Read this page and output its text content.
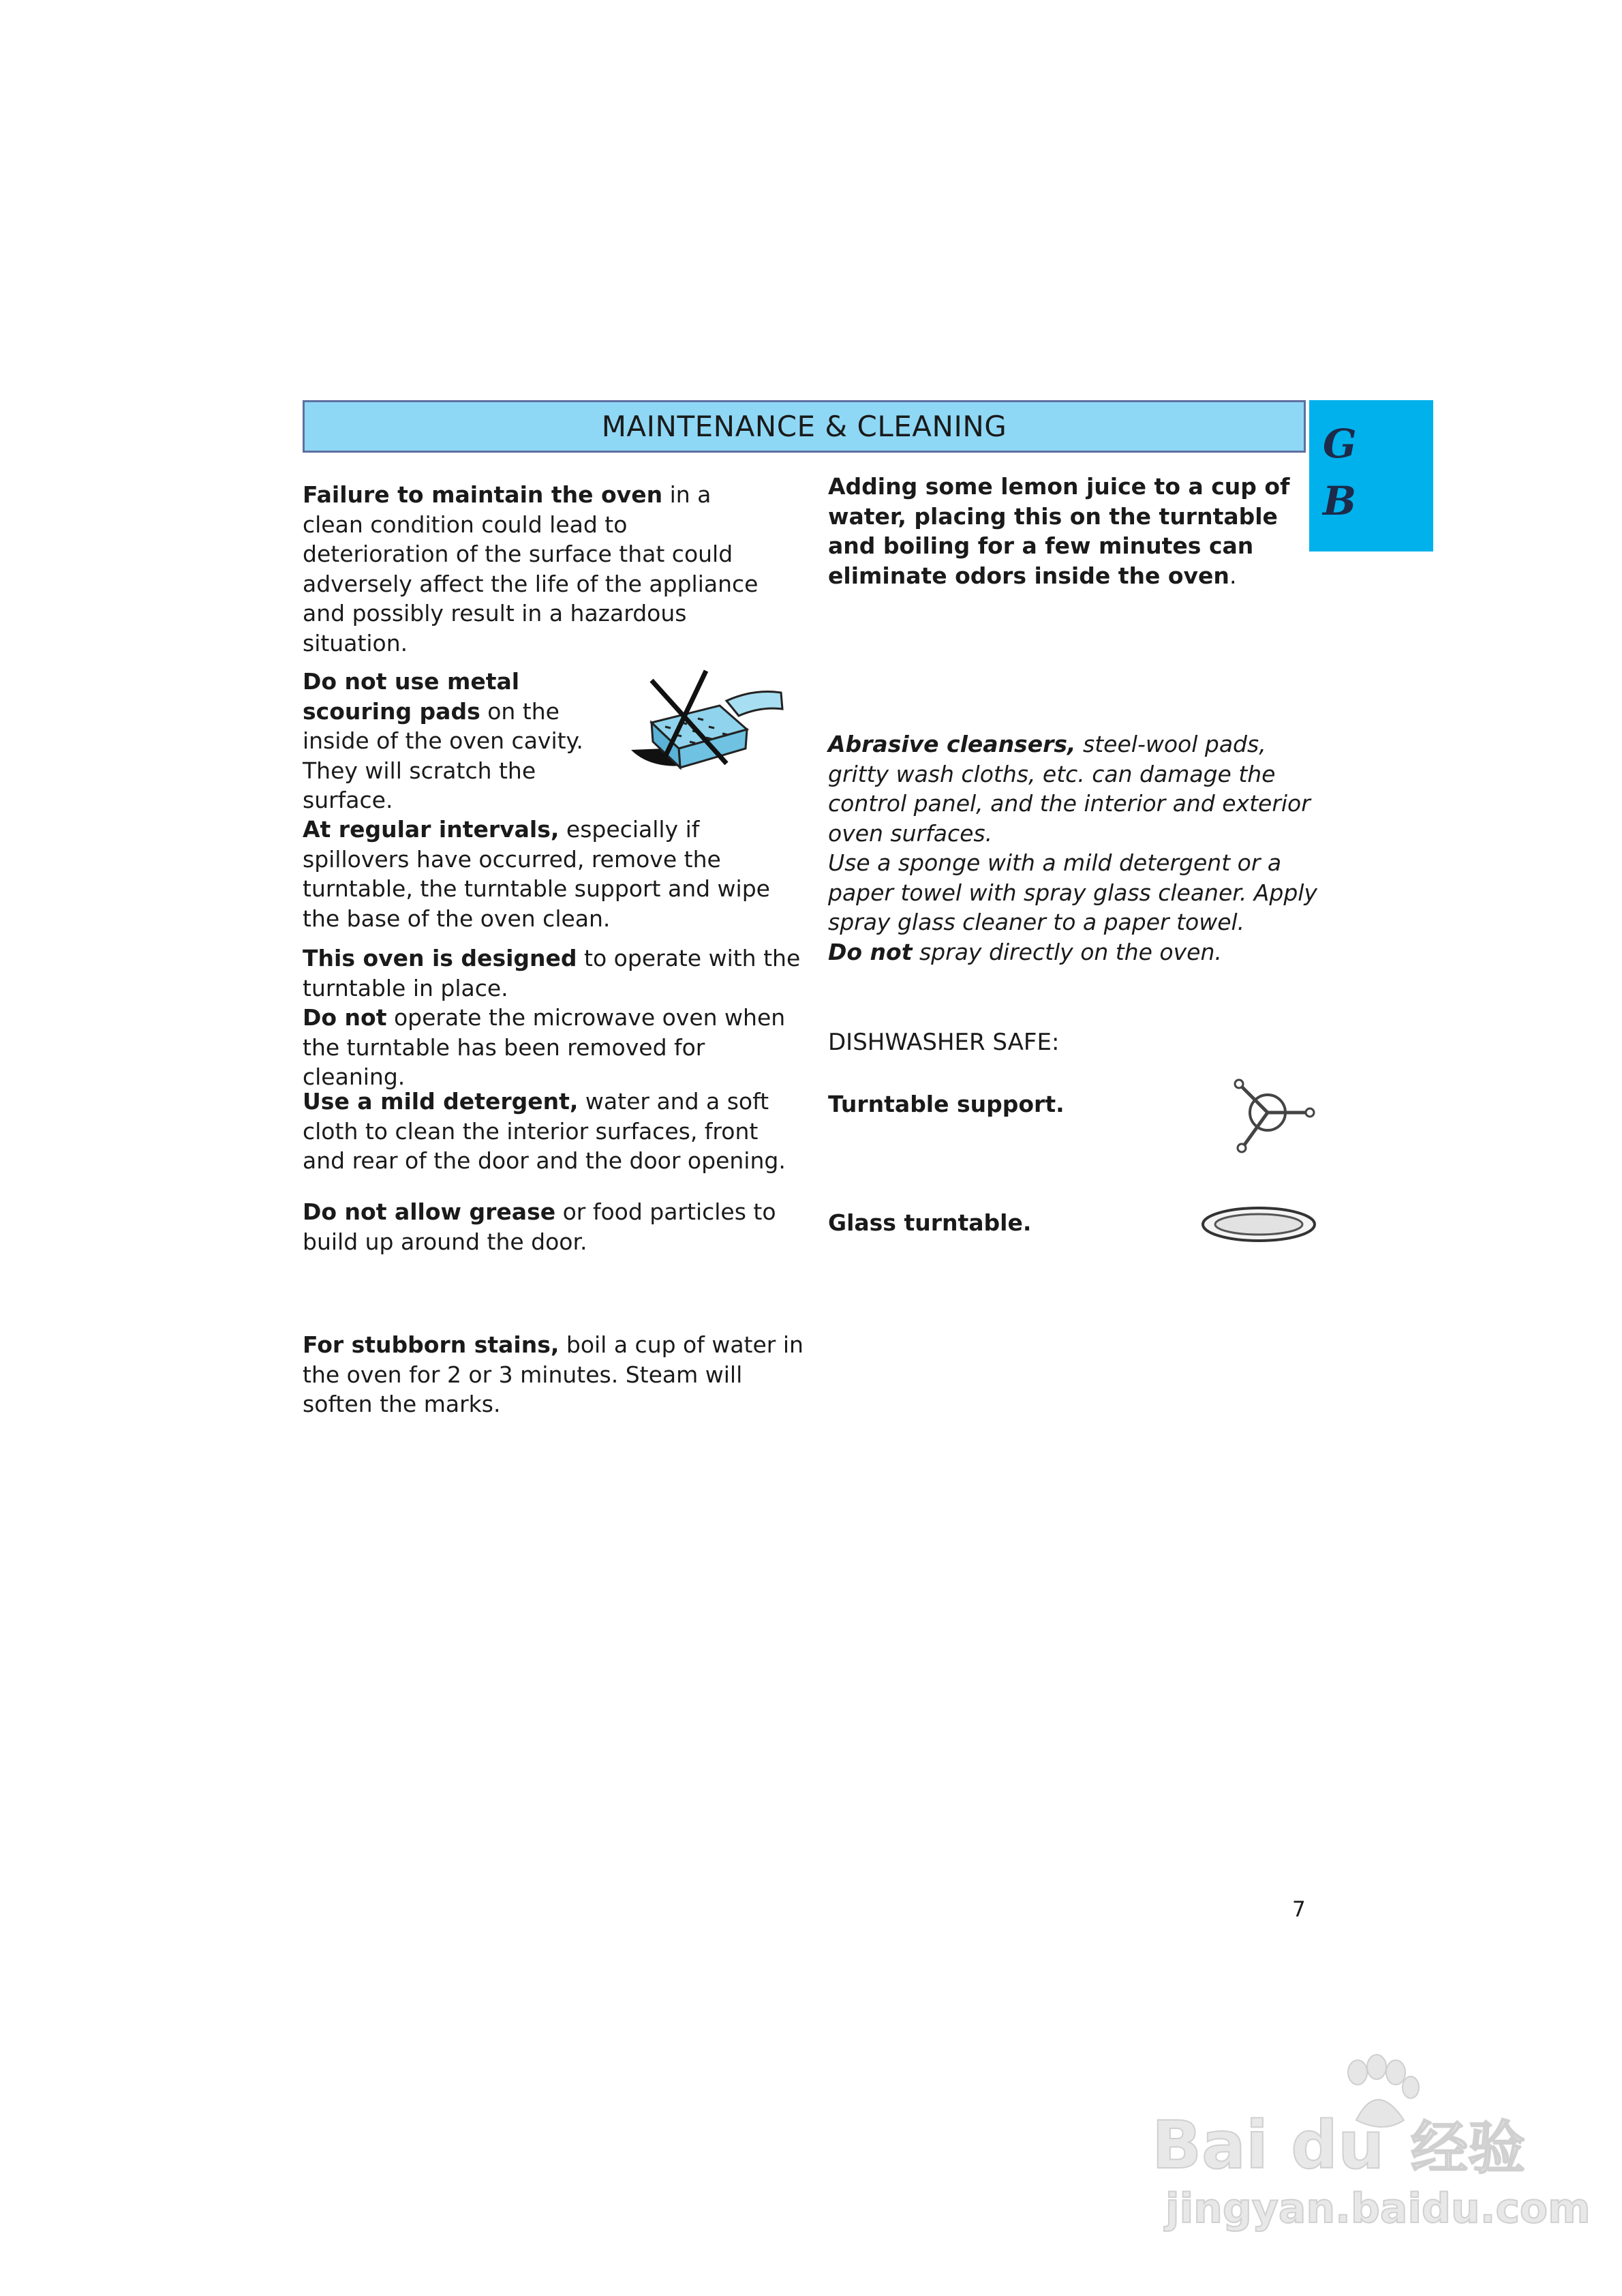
MAINTENANCE & CLEANING	G
B

Failure to maintain the oven in a clean condition could lead to deterioration of the surface that could adversely affect the life of the appliance and possibly result in a hazardous situation.

Do not use metal scouring pads on the inside of the oven cavity. They will scratch the surface.

At regular intervals, especially if spillovers have occurred, remove the turntable, the turntable support and wipe the base of the oven clean.

This oven is designed to operate with the turntable in place.
Do not operate the microwave oven when the turntable has been removed for cleaning.

Use a mild detergent, water and a soft cloth to clean the interior surfaces, front and rear of the door and the door opening.

Do not allow grease or food particles to build up around the door.

For stubborn stains, boil a cup of water in the oven for 2 or 3 minutes. Steam will soften the marks.

Adding some lemon juice to a cup of water, placing this on the turntable and boiling for a few minutes can eliminate odors inside the oven.

Abrasive cleansers, steel-wool pads, gritty wash cloths, etc. can damage the control panel, and the interior and exterior oven surfaces.
Use a sponge with a mild detergent or a paper towel with spray glass cleaner. Apply spray glass cleaner to a paper towel.
Do not spray directly on the oven.

DISHWASHER SAFE:

Turntable support.

Glass turntable.

7
Bai du 经验
jingyan.baidu.com
